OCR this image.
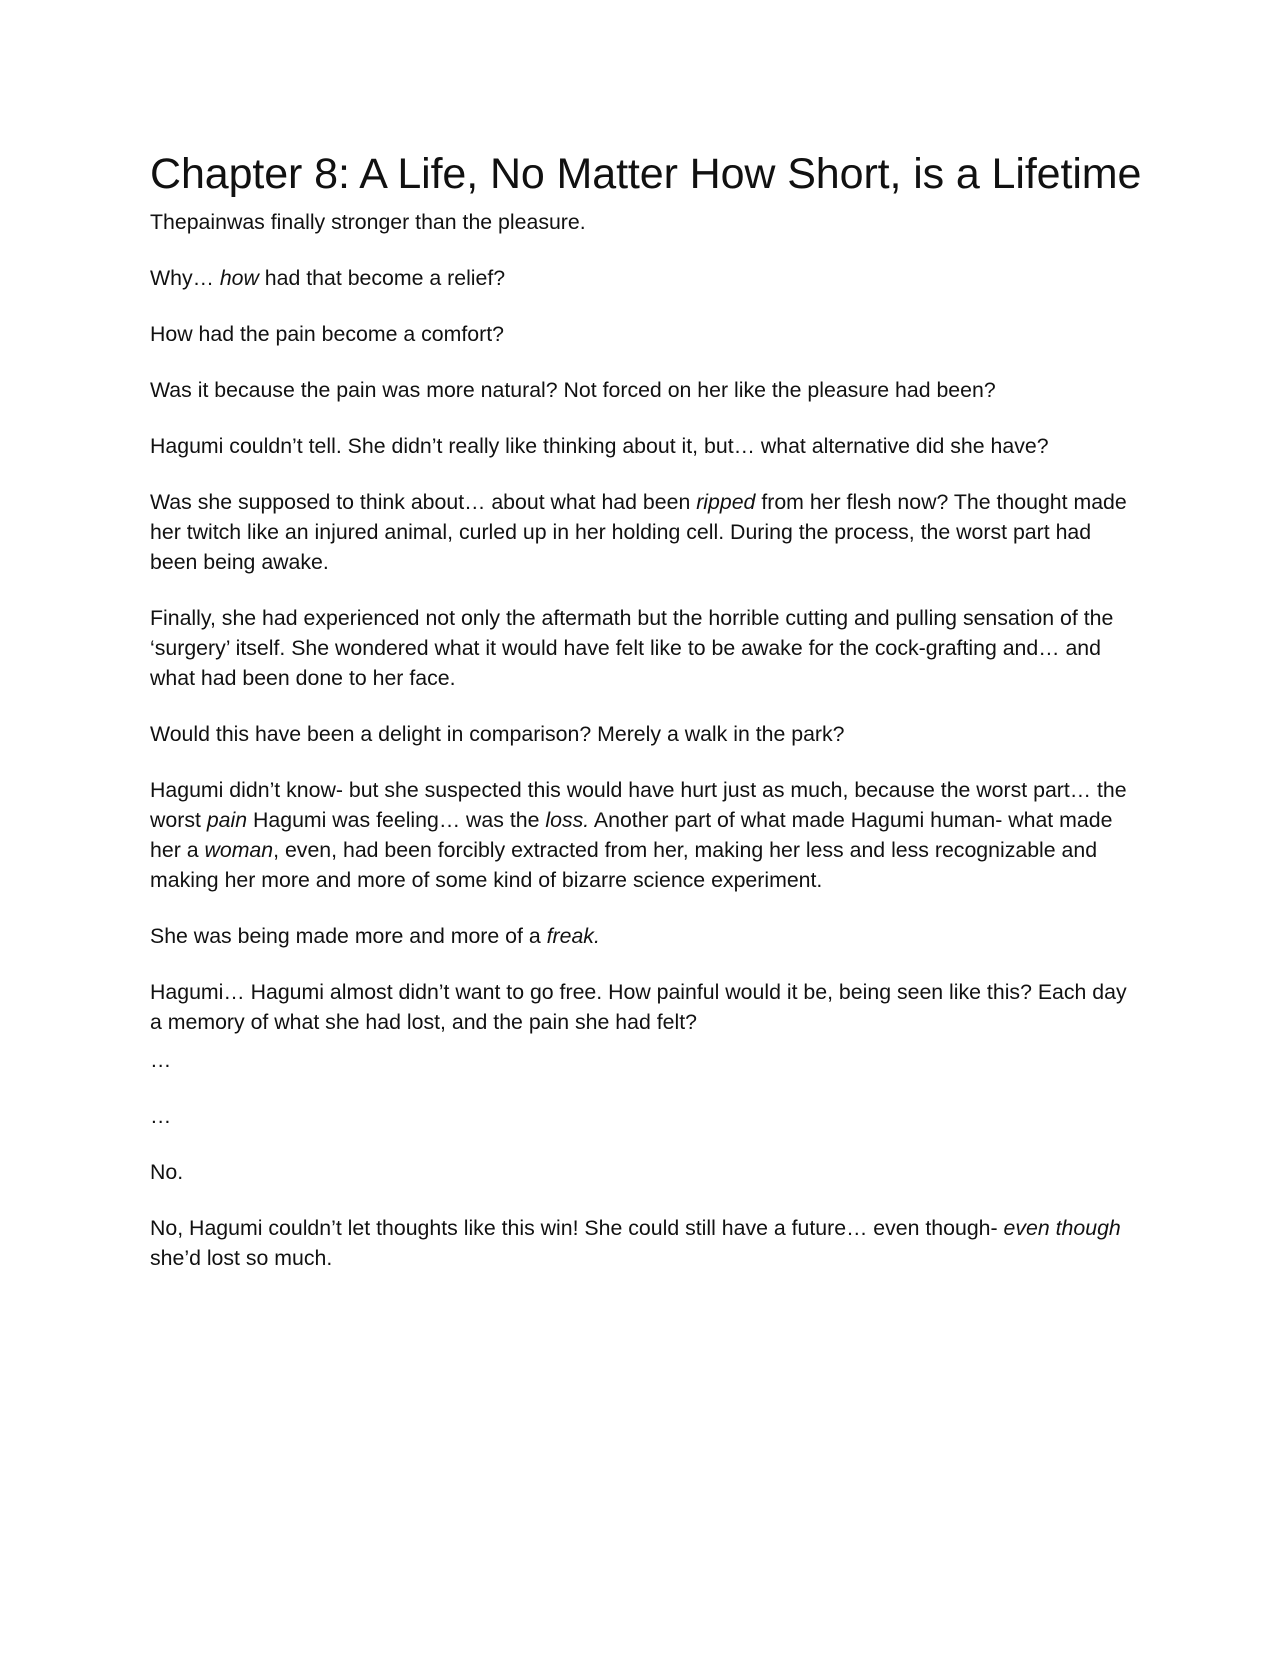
Chapter 8: A Life, No Matter How Short, is a Lifetime

Thepainwas finally stronger than the pleasure.

Why… how had that become a relief?

How had the pain become a comfort?

Was it because the pain was more natural? Not forced on her like the pleasure had been?

Hagumi couldn’t tell. She didn’t really like thinking about it, but… what alternative did she have?

Was she supposed to think about… about what had been ripped from her flesh now? The thought made her twitch like an injured animal, curled up in her holding cell. During the process, the worst part had been being awake.

Finally, she had experienced not only the aftermath but the horrible cutting and pulling sensation of the ‘surgery’ itself. She wondered what it would have felt like to be awake for the cock-grafting and… and what had been done to her face.

Would this have been a delight in comparison? Merely a walk in the park?

Hagumi didn’t know- but she suspected this would have hurt just as much, because the worst part… the worst pain Hagumi was feeling… was the loss. Another part of what made Hagumi human- what made her a woman, even, had been forcibly extracted from her, making her less and less recognizable and making her more and more of some kind of bizarre science experiment.

She was being made more and more of a freak.

Hagumi… Hagumi almost didn’t want to go free. How painful would it be, being seen like this? Each day a memory of what she had lost, and the pain she had felt?

…

…

No.

No, Hagumi couldn’t let thoughts like this win! She could still have a future… even though- even though she’d lost so much.
